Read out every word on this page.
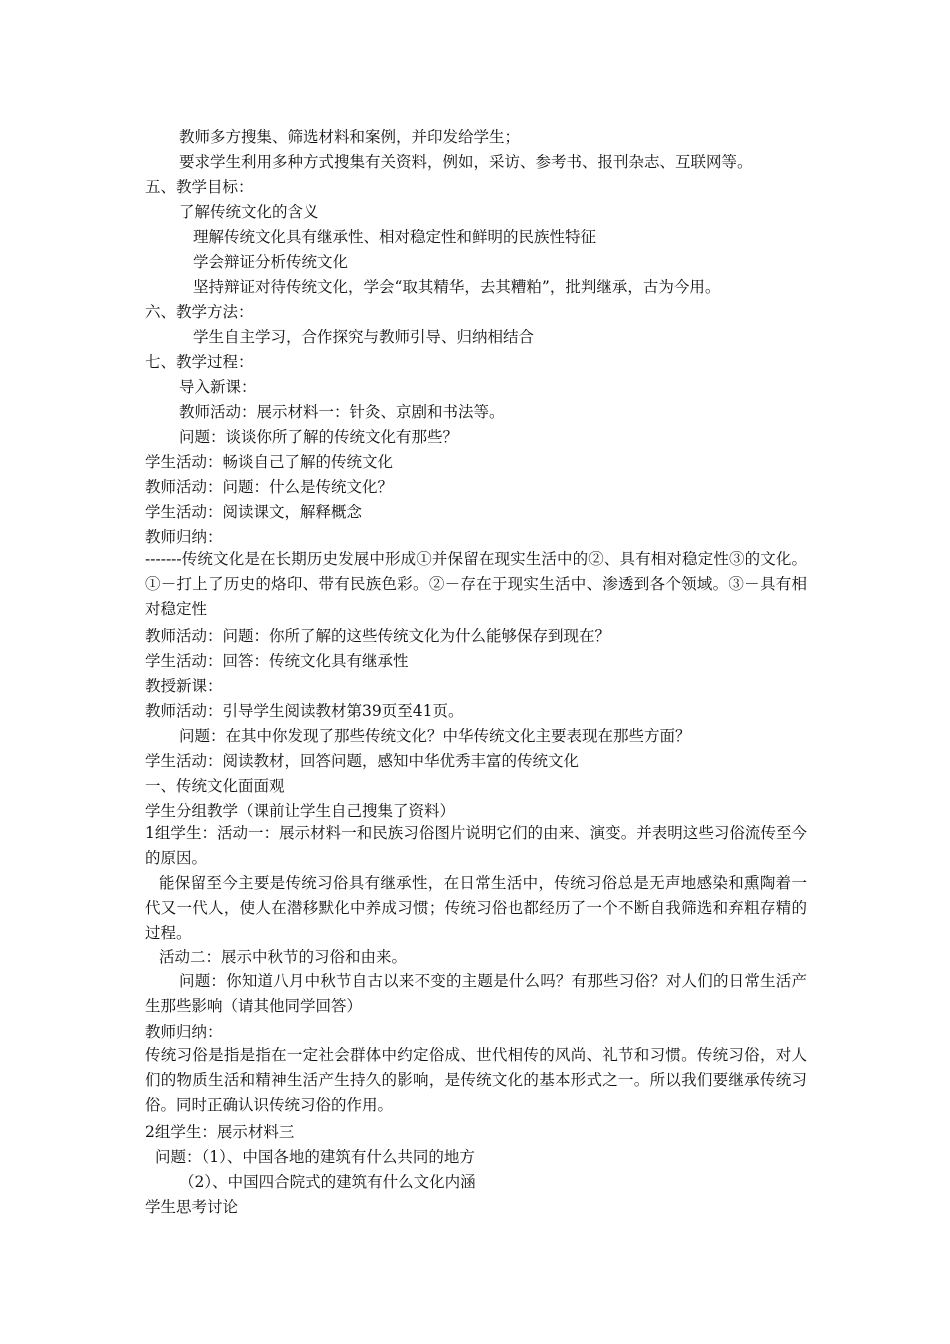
教师多方搜集、筛选材料和案例，并印发给学生；
要求学生利用多种方式搜集有关资料，例如，采访、参考书、报刊杂志、互联网等。
五、教学目标：
了解传统文化的含义
理解传统文化具有继承性、相对稳定性和鲜明的民族性特征
学会辩证分析传统文化
坚持辩证对待传统文化，学会“取其精华，去其糟粕”，批判继承，古为今用。
六、教学方法：
学生自主学习，合作探究与教师引导、归纳相结合
七、教学过程：
导入新课：
教师活动：展示材料一：针灸、京剧和书法等。
问题：谈谈你所了解的传统文化有那些？
学生活动：畅谈自己了解的传统文化
教师活动：问题：什么是传统文化？
学生活动：阅读课文，解释概念
教师归纳：
-------传统文化是在长期历史发展中形成①并保留在现实生活中的②、具有相对稳定性③的文化。①－打上了历史的烙印、带有民族色彩。②－存在于现实生活中、渗透到各个领域。③－具有相对稳定性
教师活动：问题：你所了解的这些传统文化为什么能够保存到现在？
学生活动：回答：传统文化具有继承性
教授新课：
教师活动：引导学生阅读教材第39页至41页。
问题：在其中你发现了那些传统文化？中华传统文化主要表现在那些方面？
学生活动：阅读教材，回答问题，感知中华优秀丰富的传统文化
一、传统文化面面观
学生分组教学（课前让学生自己搜集了资料）
1组学生：活动一：展示材料一和民族习俗图片说明它们的由来、演变。并表明这些习俗流传至今的原因。
能保留至今主要是传统习俗具有继承性，在日常生活中，传统习俗总是无声地感染和熏陶着一代又一代人，使人在潜移默化中养成习惯；传统习俗也都经历了一个不断自我筛选和弃粗存精的过程。
活动二：展示中秋节的习俗和由来。
问题：你知道八月中秋节自古以来不变的主题是什么吗？有那些习俗？对人们的日常生活产生那些影响（请其他同学回答）
教师归纳：
传统习俗是指是指在一定社会群体中约定俗成、世代相传的风尚、礼节和习惯。传统习俗，对人们的物质生活和精神生活产生持久的影响，是传统文化的基本形式之一。所以我们要继承传统习俗。同时正确认识传统习俗的作用。
2组学生：展示材料三
问题：（1）、中国各地的建筑有什么共同的地方
（2）、中国四合院式的建筑有什么文化内涵
学生思考讨论
